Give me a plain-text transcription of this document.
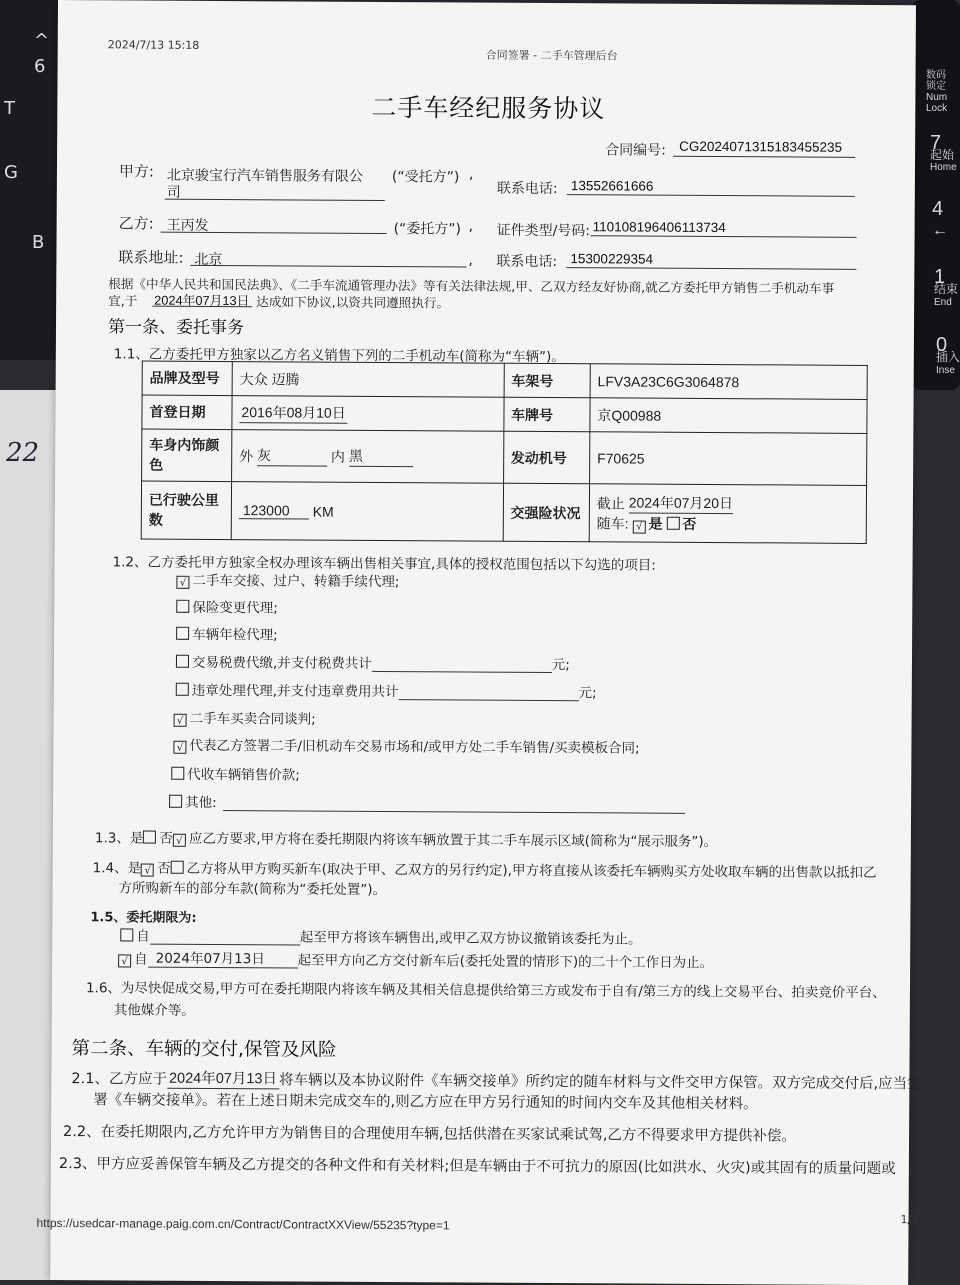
^
6
T
G
B
22
数码
锁定
Num
Lock
7
起始
Home
4
←
1
结束
End
0
插入
Inse
2024/7/13 15:18
合同签署 - 二手车管理后台
二手车经纪服务协议
合同编号: CG2024071315183455235
甲方: 北京骏宝行汽车销售服务有限公
司
(“受托方”) ,
联系电话: 13552661666
乙方: 王丙发	(“委托方”) , 证件类型/号码: 110108196406113734
联系地址: 北京	, 联系电话: 15300229354
根据《中华人民共和国民法典》、《二手车流通管理办法》等有关法律法规,甲、乙双方经友好协商,就乙方委托甲方销售二手机动车事
宜,于 2024年07月13日 达成如下协议,以资共同遵照执行。
第一条、委托事务
1.1、乙方委托甲方独家以乙方名义销售下列的二手机动车(简称为“车辆”)。
品牌及型号	大众 迈腾	车架号	LFV3A23C6G3064878
首登日期	2016年08月10日	车牌号	京Q00988
车身内饰颜色	外 灰 内 黑	发动机号	F70625
已行驶公里数	123000 KM	交强险状况	截止 2024年07月20日
随车: √ 是 否
1.2、乙方委托甲方独家全权办理该车辆出售相关事宜,具体的授权范围包括以下勾选的项目:
√二手车交接、过户、转籍手续代理;
保险变更代理;
车辆年检代理;
交易税费代缴,并支付税费共计	元;
违章处理代理,并支付违章费用共计	元;
√二手车买卖合同谈判;
√代表乙方签署二手/旧机动车交易市场和/或甲方处二手车销售/买卖模板合同;
代收车辆销售价款;
其他:
1.3、是 否 √ 应乙方要求,甲方将在委托期限内将该车辆放置于其二手车展示区域(简称为“展示服务”)。
1.4、是 √ 否 乙方将从甲方购买新车(取决于甲、乙双方的另行约定),甲方将直接从该委托车辆购买方处收取车辆的出售款以抵扣乙
方所购新车的部分车款(简称为“委托处置”)。
1.5、委托期限为:
自	起至甲方将该车辆售出,或甲乙双方协议撤销该委托为止。
√自 2024年07月13日 起至甲方向乙方交付新车后(委托处置的情形下)的二十个工作日为止。
1.6、为尽快促成交易,甲方可在委托期限内将该车辆及其相关信息提供给第三方或发布于自有/第三方的线上交易平台、拍卖竞价平台、
其他媒介等。
第二条、车辆的交付,保管及风险
2.1、乙方应于 2024年07月13日 将车辆以及本协议附件《车辆交接单》所约定的随车材料与文件交甲方保管。双方完成交付后,应当签
署《车辆交接单》。若在上述日期未完成交车的,则乙方应在甲方另行通知的时间内交车及其他相关材料。
2.2、在委托期限内,乙方允许甲方为销售目的合理使用车辆,包括供潜在买家试乘试驾,乙方不得要求甲方提供补偿。
2.3、甲方应妥善保管车辆及乙方提交的各种文件和有关材料;但是车辆由于不可抗力的原因(比如洪水、火灾)或其固有的质量问题或
https://usedcar-manage.paig.com.cn/Contract/ContractXXView/55235?type=1	1/3
